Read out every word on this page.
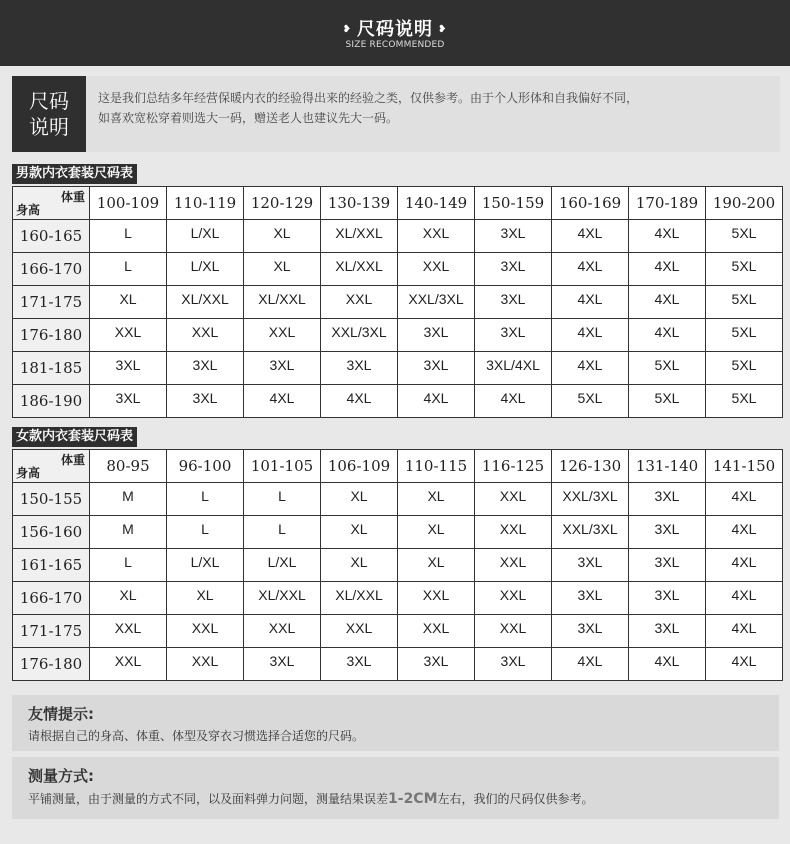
❥ 尺码说明 ❥
SIZE RECOMMENDED
尺码
说明
这是我们总结多年经营保暖内衣的经验得出来的经验之类，仅供参考。由于个人形体和自我偏好不同，
如喜欢宽松穿着则选大一码，赠送老人也建议先大一码。
男款内衣套装尺码表
体重
身高	100-109	110-119	120-129	130-139	140-149	150-159	160-169	170-189	190-200
160-165	L	L/XL	XL	XL/XXL	XXL	3XL	4XL	4XL	5XL
166-170	L	L/XL	XL	XL/XXL	XXL	3XL	4XL	4XL	5XL
171-175	XL	XL/XXL	XL/XXL	XXL	XXL/3XL	3XL	4XL	4XL	5XL
176-180	XXL	XXL	XXL	XXL/3XL	3XL	3XL	4XL	4XL	5XL
181-185	3XL	3XL	3XL	3XL	3XL	3XL/4XL	4XL	5XL	5XL
186-190	3XL	3XL	4XL	4XL	4XL	4XL	5XL	5XL	5XL
女款内衣套装尺码表
体重
身高	80-95	96-100	101-105	106-109	110-115	116-125	126-130	131-140	141-150
150-155	M	L	L	XL	XL	XXL	XXL/3XL	3XL	4XL
156-160	M	L	L	XL	XL	XXL	XXL/3XL	3XL	4XL
161-165	L	L/XL	L/XL	XL	XL	XXL	3XL	3XL	4XL
166-170	XL	XL	XL/XXL	XL/XXL	XXL	XXL	3XL	3XL	4XL
171-175	XXL	XXL	XXL	XXL	XXL	XXL	3XL	3XL	4XL
176-180	XXL	XXL	3XL	3XL	3XL	3XL	4XL	4XL	4XL
友情提示:
请根据自己的身高、体重、体型及穿衣习惯选择合适您的尺码。
测量方式:
平铺测量，由于测量的方式不同，以及面料弹力问题，测量结果误差1-2CM左右，我们的尺码仅供参考。
